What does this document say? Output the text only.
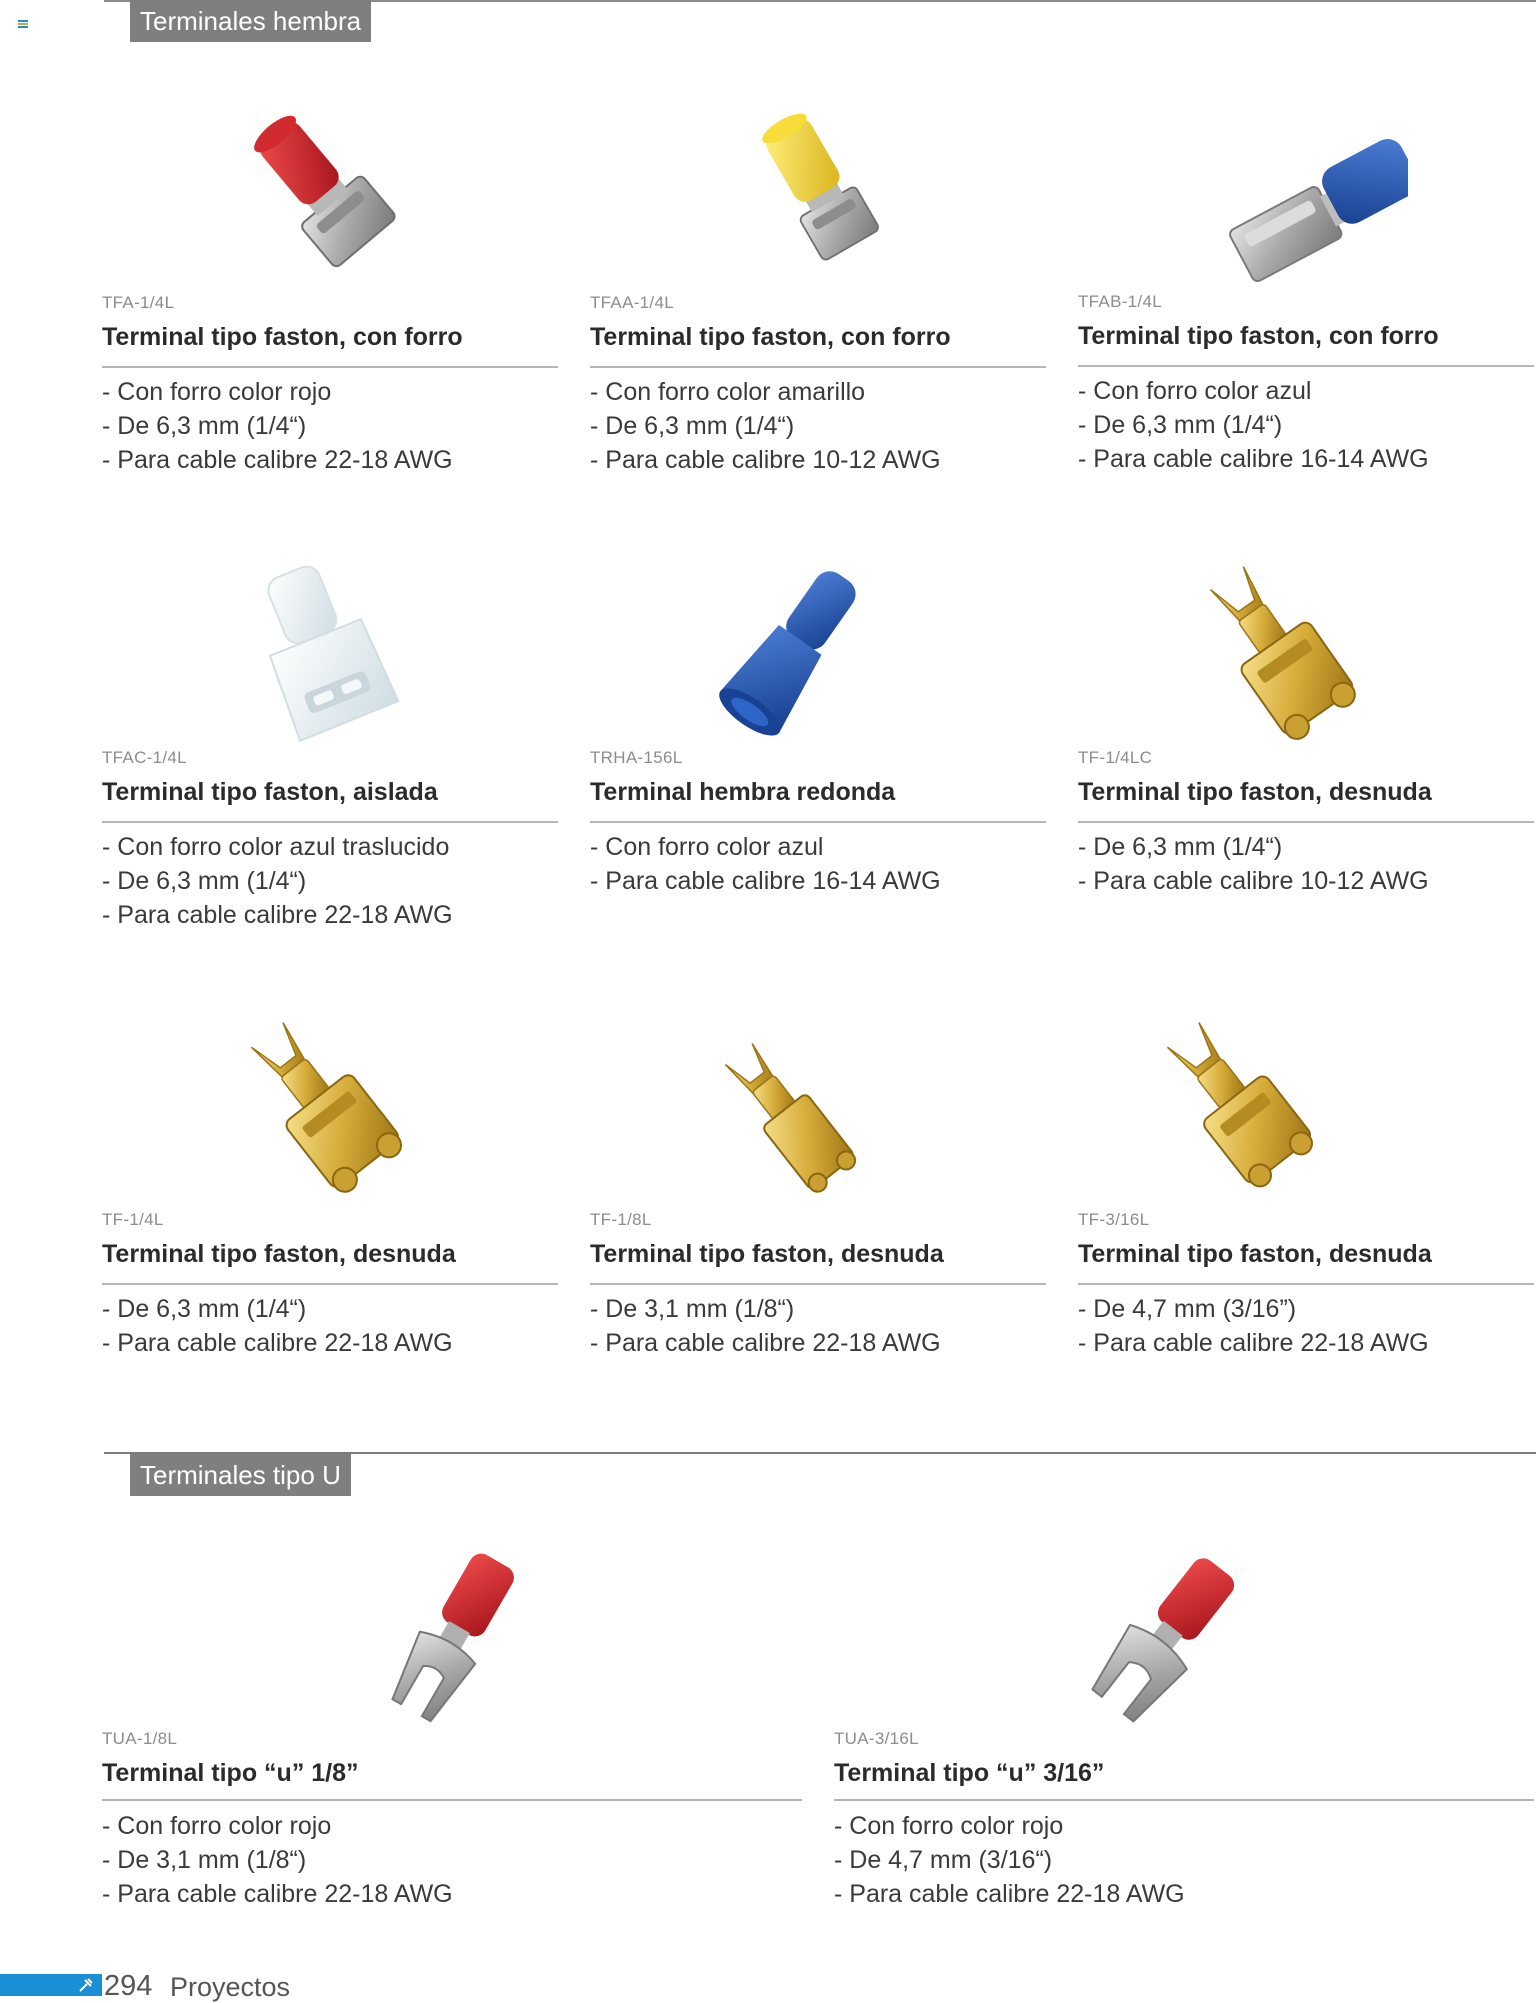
Terminales hembra
TFA-1/4L
Terminal tipo faston, con forro
- Con forro color rojo
- De 6,3 mm (1/4“)
- Para cable calibre 22-18 AWG
TFAA-1/4L
Terminal tipo faston, con forro
- Con forro color amarillo
- De 6,3 mm (1/4“)
- Para cable calibre 10-12 AWG
TFAB-1/4L
Terminal tipo faston, con forro
- Con forro color azul
- De 6,3 mm (1/4“)
- Para cable calibre 16-14 AWG
TFAC-1/4L
Terminal tipo faston, aislada
- Con forro color azul traslucido
- De 6,3 mm (1/4“)
- Para cable calibre 22-18 AWG
TRHA-156L
Terminal hembra redonda
- Con forro color azul
- Para cable calibre 16-14 AWG
TF-1/4LC
Terminal tipo faston, desnuda
- De 6,3 mm (1/4“)
- Para cable calibre 10-12 AWG
TF-1/4L
Terminal tipo faston, desnuda
- De 6,3 mm (1/4“)
- Para cable calibre 22-18 AWG
TF-1/8L
Terminal tipo faston, desnuda
- De 3,1 mm (1/8“)
- Para cable calibre 22-18 AWG
TF-3/16L
Terminal tipo faston, desnuda
- De 4,7 mm (3/16”)
- Para cable calibre 22-18 AWG
Terminales tipo U
TUA-1/8L
Terminal tipo “u” 1/8”
- Con forro color rojo
- De 3,1 mm (1/8“)
- Para cable calibre 22-18 AWG
TUA-3/16L
Terminal tipo “u” 3/16”
- Con forro color rojo
- De 4,7 mm (3/16“)
- Para cable calibre 22-18 AWG
294 Proyectos
